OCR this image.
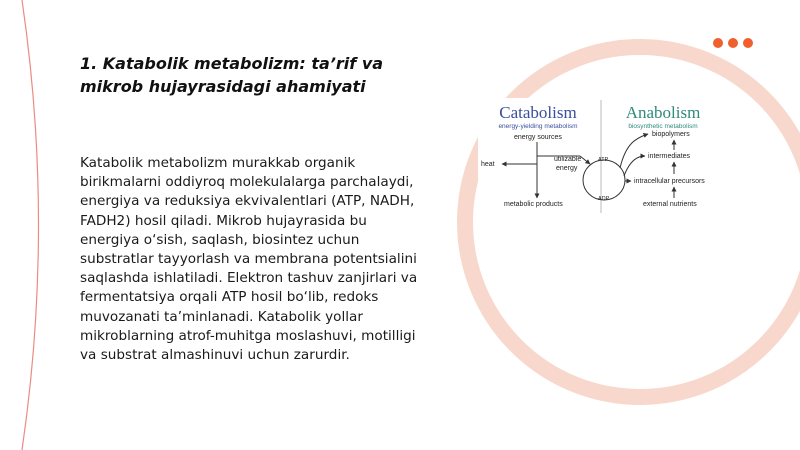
1. Katabolik metabolizm: ta’rif va mikrob hujayrasidagi ahamiyati

Katabolik metabolizm murakkab organik birikmalarni oddiyroq molekulalarga parchalaydi, energiya va reduksiya ekvivalentlari (ATP, NADH, FADH2) hosil qiladi. Mikrob hujayrasida bu energiya o‘sish, saqlash, biosintez uchun substratlar tayyorlash va membrana potentsialini saqlashda ishlatiladi. Elektron tashuv zanjirlari va fermentatsiya orqali ATP hosil bo‘lib, redoks muvozanati ta’minlanadi. Katabolik yollar mikroblarning atrof-muhitga moslashuvi, motilligi va substrat almashinuvi uchun zarurdir.

Catabolism
energy-yielding metabolism
Anabolism
biosynthetic metabolism
energy sources
heat
utilizable
energy
metabolic products
ATP
ADP
biopolymers
intermediates
intracellular precursors
external nutrients
